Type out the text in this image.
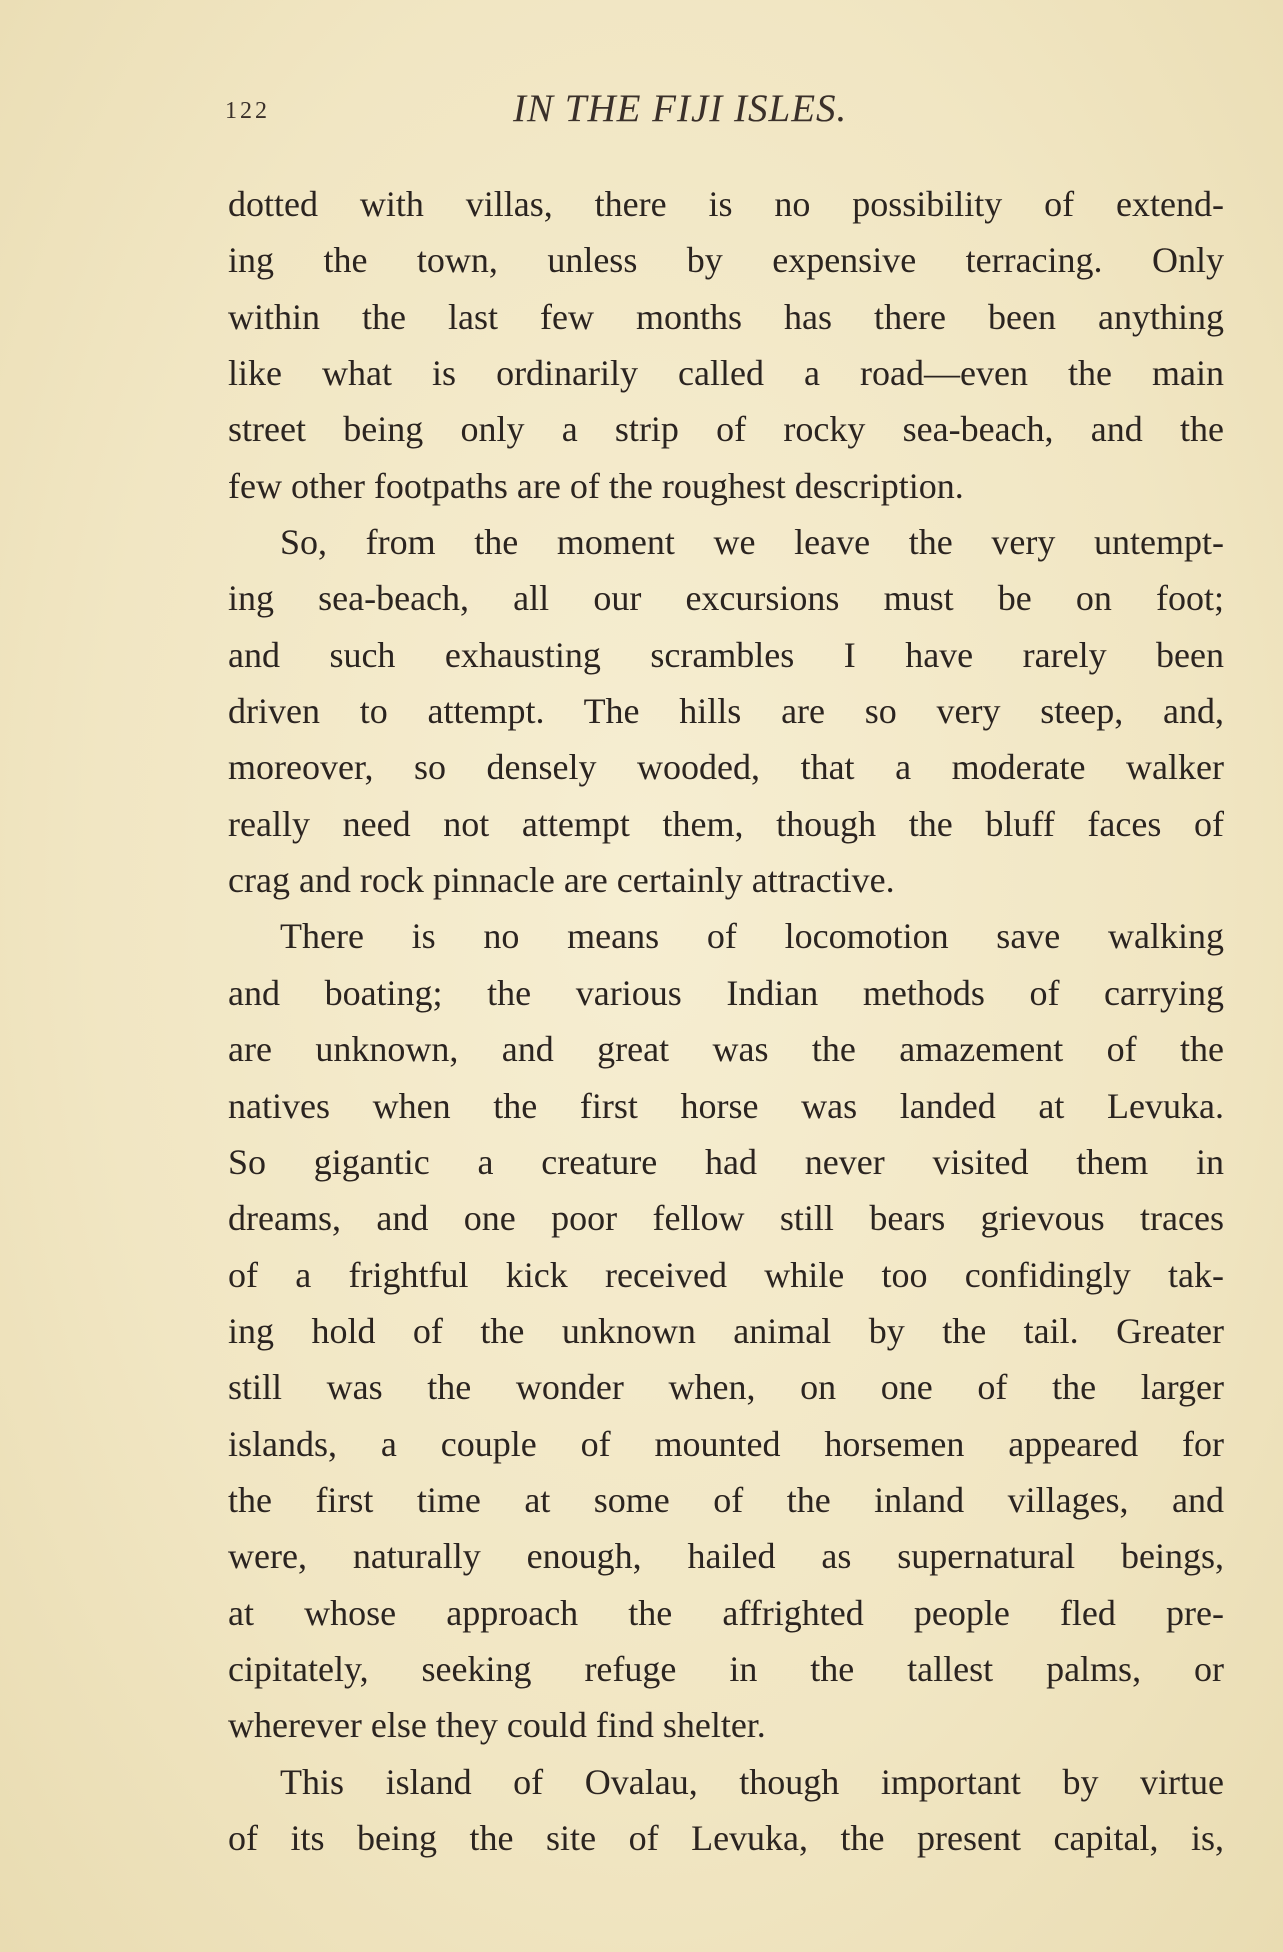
122	IN THE FIJI ISLES.
dotted with villas, there is no possibility of extend-
ing the town, unless by expensive terracing. Only
within the last few months has there been anything
like what is ordinarily called a road—even the main
street being only a strip of rocky sea-beach, and the
few other footpaths are of the roughest description.
So, from the moment we leave the very untempt-
ing sea-beach, all our excursions must be on foot;
and such exhausting scrambles I have rarely been
driven to attempt. The hills are so very steep, and,
moreover, so densely wooded, that a moderate walker
really need not attempt them, though the bluff faces of
crag and rock pinnacle are certainly attractive.
There is no means of locomotion save walking
and boating; the various Indian methods of carrying
are unknown, and great was the amazement of the
natives when the first horse was landed at Levuka.
So gigantic a creature had never visited them in
dreams, and one poor fellow still bears grievous traces
of a frightful kick received while too confidingly tak-
ing hold of the unknown animal by the tail. Greater
still was the wonder when, on one of the larger
islands, a couple of mounted horsemen appeared for
the first time at some of the inland villages, and
were, naturally enough, hailed as supernatural beings,
at whose approach the affrighted people fled pre-
cipitately, seeking refuge in the tallest palms, or
wherever else they could find shelter.
This island of Ovalau, though important by virtue
of its being the site of Levuka, the present capital, is,
